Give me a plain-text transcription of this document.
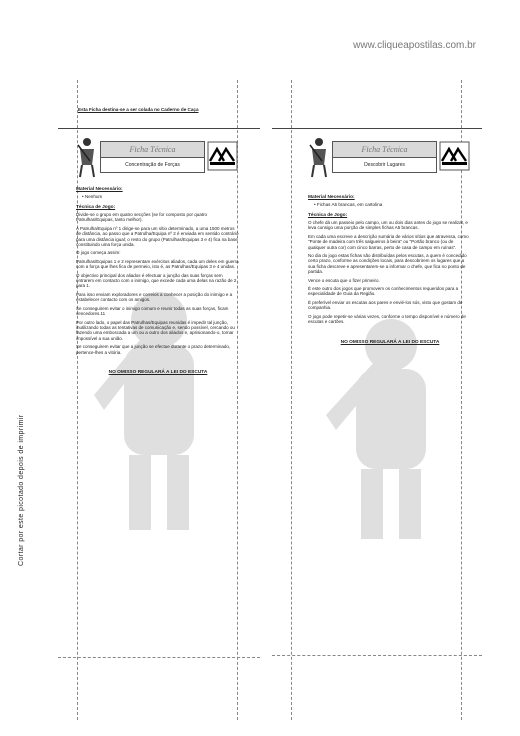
www.cliqueapostilas.com.br
Cortar por este picotado depois de imprimir
Esta Ficha destina-se a ser colada no Caderno de Caça
Ficha Técnica
Concentração de Forças
Material Necessário:
• Nenhum
Técnica de Jogo:
Divide-se o grupo em quatro secções (se for composto por quatro Patrulhas/Equipas, tanto melhor).
A Patrulha/Equipa nº 1 dirige-se para um sítio determinado, a uma 1500 metros de distância, ao passo que a Patrulha/Equipa nº 2 é enviada em sentido contrário para uma distância igual; o resto do grupo (Patrulhas/Equipas 3 e 4) fica na base constituindo uma força unida.
O jogo começa assim:
Patrulhas/Equipas 1 e 2 representam exércitos aliados, cada um deles em guerra com a força que lhes fica de permeio, isto é, as Patrulhas/Equipas 3 e 4 unidas.
O objectivo principal dos aliados é efectuar a junção das suas forças sem entrarem em contacto com o inimigo, que excede cada uma delas na razão de 2 para 1.
Para isso enviam exploradores e correios a conhecer a posição do inimigo e a estabelecer contacto com os amigos.
Se conseguirem evitar o inimigo comum e reunir todas as suas forças, ficam vencedores.11
Por outro lado, o papel das Patrulhas/Equipas reunidas é impedir tal junção, inutilizando todas as tentativas de comunicação e, sendo possível, cercando ou fazendo uma emboscada a um ou a outro dos aliados e, aprisionando-o, tornar impossível a sua união.
Se conseguirem evitar que a junção se efectue durante o prazo determinado, pertence-lhes a vitória.
NO OMISSO REGULARÁ A LEI DO ESCUTA
Ficha Técnica
Descobrir Lugares
Material Necessário:
• Fichas A5 brancas, em cartolina
Técnica de Jogo:
O chefe dá um passeio pelo campo, um ou dois dias antes do jogo se realizar, e leva consigo uma porção de simples fichas A5 brancas.
Em cada uma escreve a descrição sumária de vários sítios que atravessa, como "Ponte de madeira com três salgueiros à beira" ou "Portão branco (ou de qualquer outra cor) com cinco barras, perto de casa de campo em ruínas".
No dia do jogo estas fichas são distribuídas pelos escutas, a quem é concedido certo prazo, conforme as condições locais, para descobrirem os lugares que a sua ficha descreve e apresentarem-se a informar o chefe, que fica no ponto de partida.
Vence o escuta que o fizer primeiro.
É este outro dos jogos que promovem os conhecimentos requeridos para a especialidade de Guia da Região.
É preferível enviar os escutas aos pares e envié-los sós, visto que gostam de companhia.
O jogo pode repetir-se várias vezes, conforme o tempo disponível e número de escutas e cartões.
NO OMISSO REGULARÁ A LEI DO ESCUTA
